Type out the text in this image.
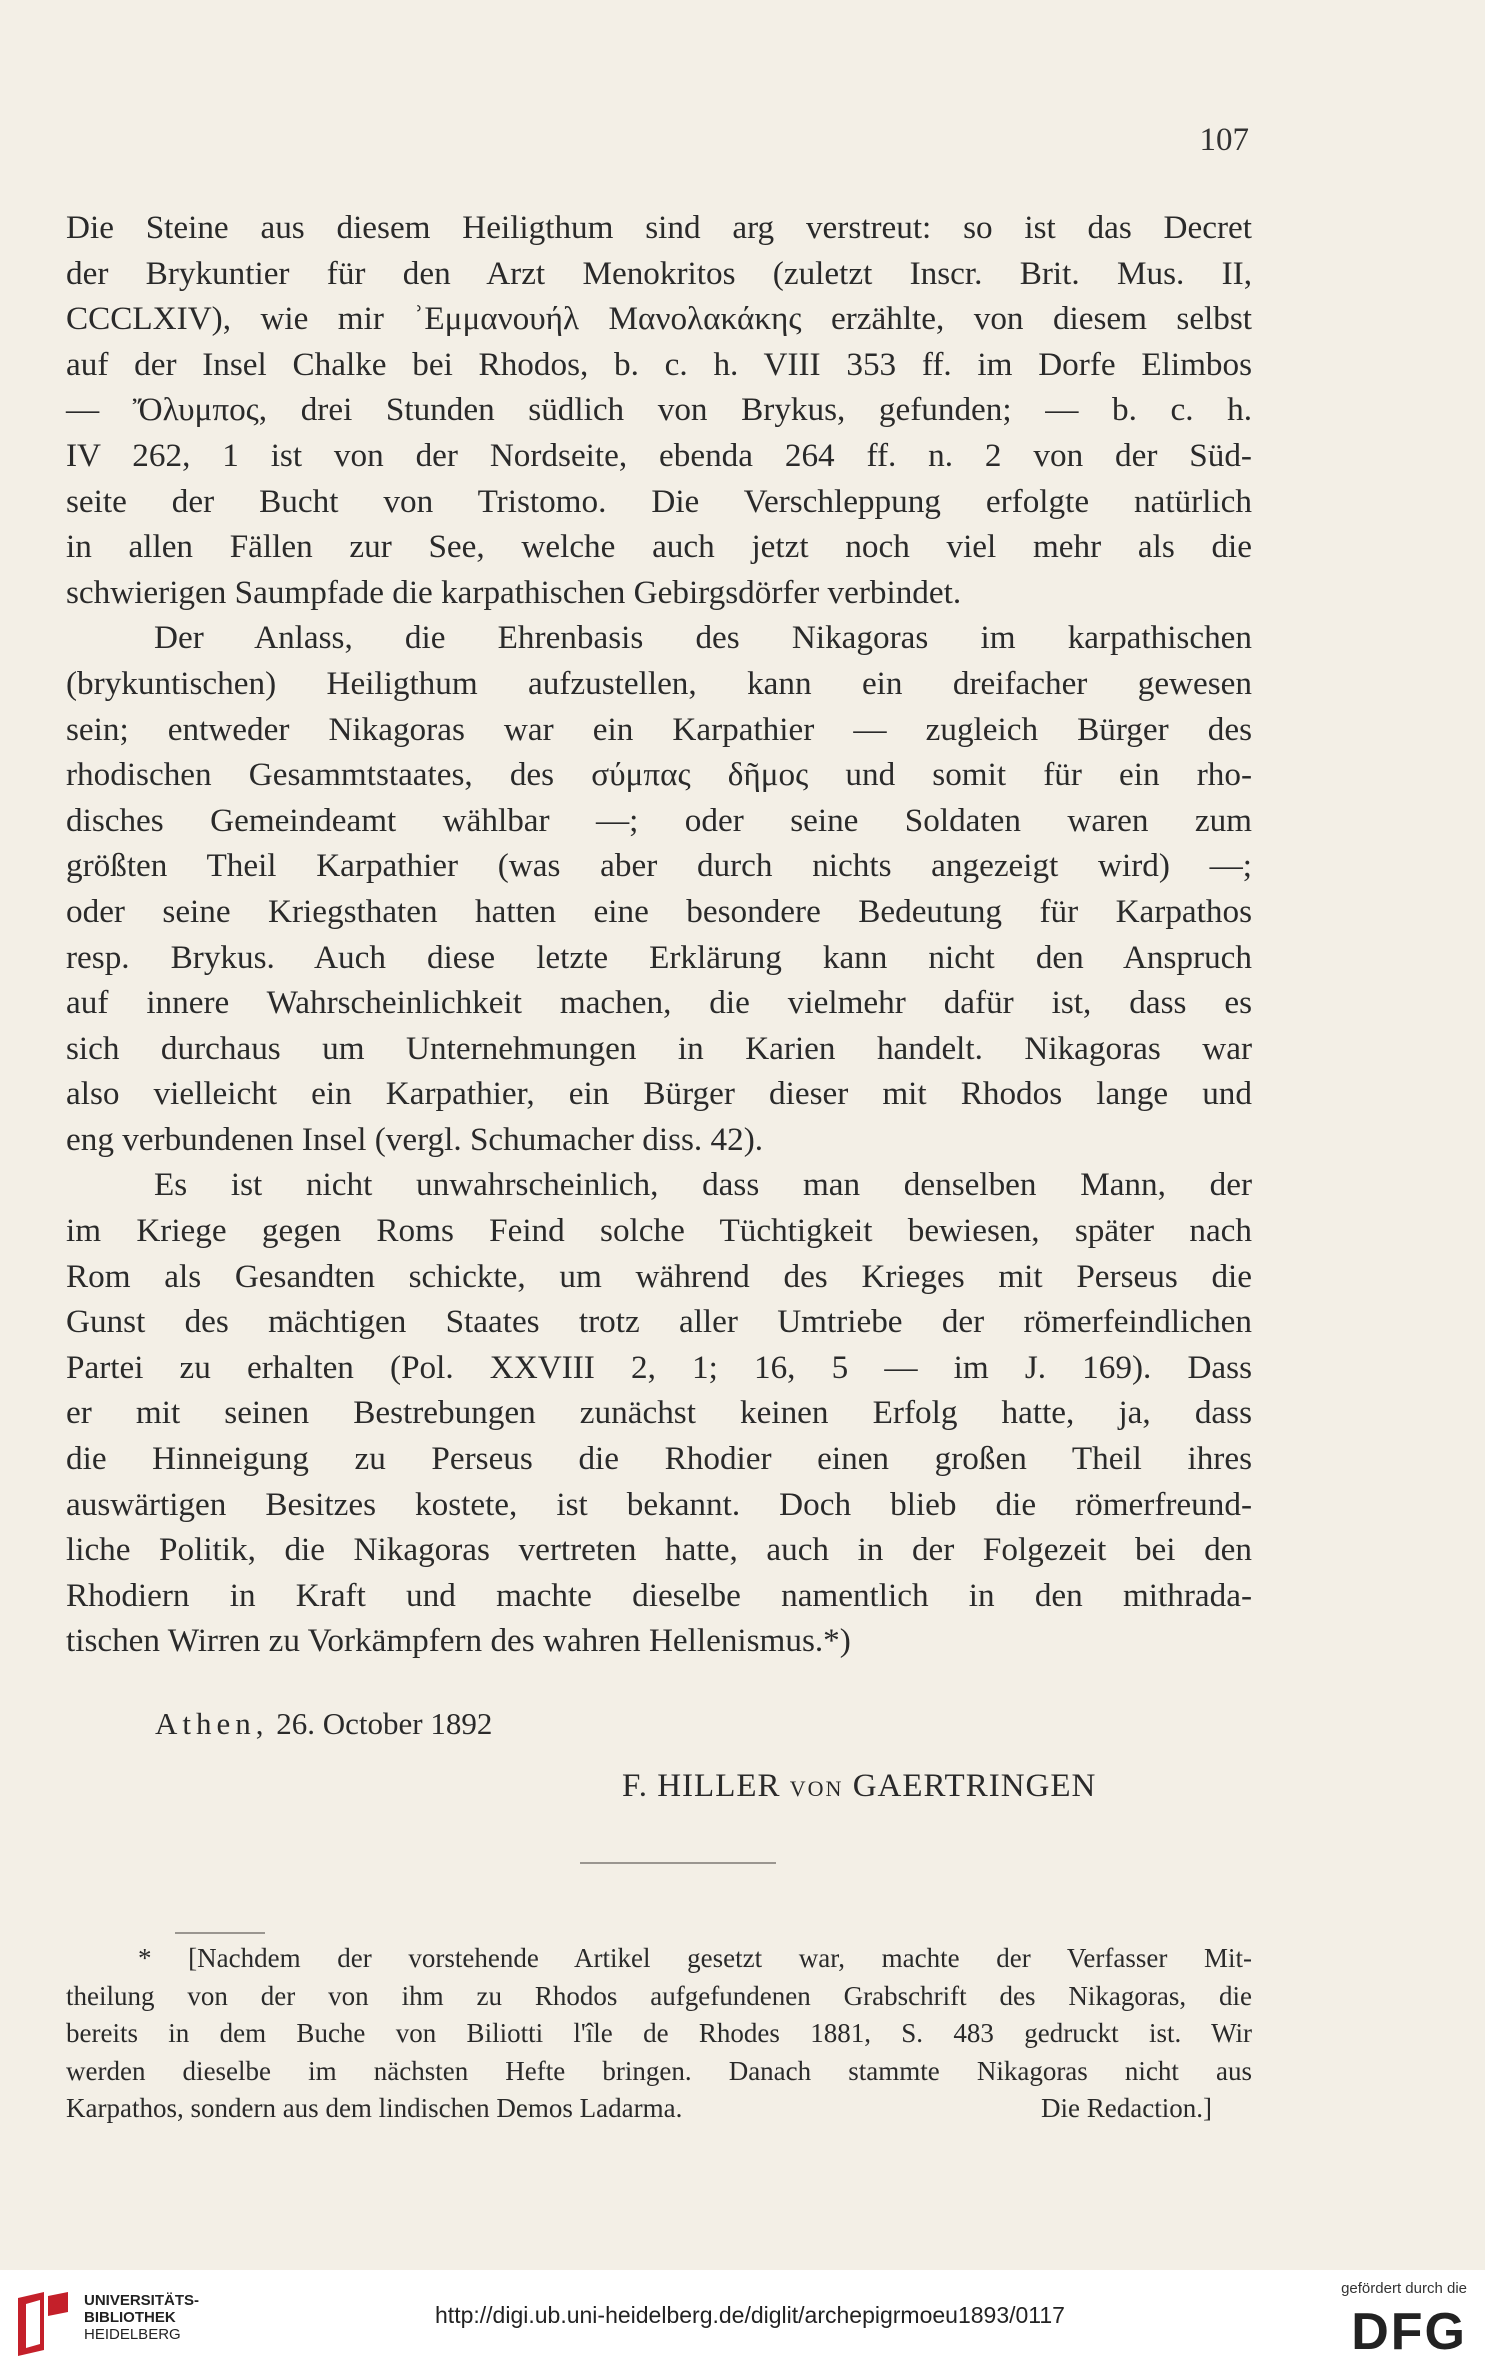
107
Die Steine aus diesem Heiligthum sind arg verstreut: so ist das Decret
der Brykuntier für den Arzt Menokritos (zuletzt Inscr. Brit. Mus. II,
CCCLXIV), wie mir ʾΕμμανουήλ Μανολακάκης erzählte, von diesem selbst
auf der Insel Chalke bei Rhodos, b. c. h. VIII 353 ff. im Dorfe Elimbos
— Ὄλυμπος, drei Stunden südlich von Brykus, gefunden; — b. c. h.
IV 262, 1 ist von der Nordseite, ebenda 264 ff. n. 2 von der Süd-
seite der Bucht von Tristomo. Die Verschleppung erfolgte natürlich
in allen Fällen zur See, welche auch jetzt noch viel mehr als die
schwierigen Saumpfade die karpathischen Gebirgsdörfer verbindet.
Der Anlass, die Ehrenbasis des Nikagoras im karpathischen
(brykuntischen) Heiligthum aufzustellen, kann ein dreifacher gewesen
sein; entweder Nikagoras war ein Karpathier — zugleich Bürger des
rhodischen Gesammtstaates, des σύμπας δῆμος und somit für ein rho-
disches Gemeindeamt wählbar —; oder seine Soldaten waren zum
größten Theil Karpathier (was aber durch nichts angezeigt wird) —;
oder seine Kriegsthaten hatten eine besondere Bedeutung für Karpathos
resp. Brykus. Auch diese letzte Erklärung kann nicht den Anspruch
auf innere Wahrscheinlichkeit machen, die vielmehr dafür ist, dass es
sich durchaus um Unternehmungen in Karien handelt. Nikagoras war
also vielleicht ein Karpathier, ein Bürger dieser mit Rhodos lange und
eng verbundenen Insel (vergl. Schumacher diss. 42).
Es ist nicht unwahrscheinlich, dass man denselben Mann, der
im Kriege gegen Roms Feind solche Tüchtigkeit bewiesen, später nach
Rom als Gesandten schickte, um während des Krieges mit Perseus die
Gunst des mächtigen Staates trotz aller Umtriebe der römerfeindlichen
Partei zu erhalten (Pol. XXVIII 2, 1; 16, 5 — im J. 169). Dass
er mit seinen Bestrebungen zunächst keinen Erfolg hatte, ja, dass
die Hinneigung zu Perseus die Rhodier einen großen Theil ihres
auswärtigen Besitzes kostete, ist bekannt. Doch blieb die römerfreund-
liche Politik, die Nikagoras vertreten hatte, auch in der Folgezeit bei den
Rhodiern in Kraft und machte dieselbe namentlich in den mithrada-
tischen Wirren zu Vorkämpfern des wahren Hellenismus.*)
Athen, 26. October 1892
F. HILLER VON GAERTRINGEN
* [Nachdem der vorstehende Artikel gesetzt war, machte der Verfasser Mit-
theilung von der von ihm zu Rhodos aufgefundenen Grabschrift des Nikagoras, die
bereits in dem Buche von Biliotti l'île de Rhodes 1881, S. 483 gedruckt ist. Wir
werden dieselbe im nächsten Hefte bringen. Danach stammte Nikagoras nicht aus
Karpathos, sondern aus dem lindischen Demos Ladarma.	Die Redaction.]
UNIVERSITÄTS-
BIBLIOTHEK
HEIDELBERG
http://digi.ub.uni-heidelberg.de/diglit/archepigrmoeu1893/0117
gefördert durch die
DFG
